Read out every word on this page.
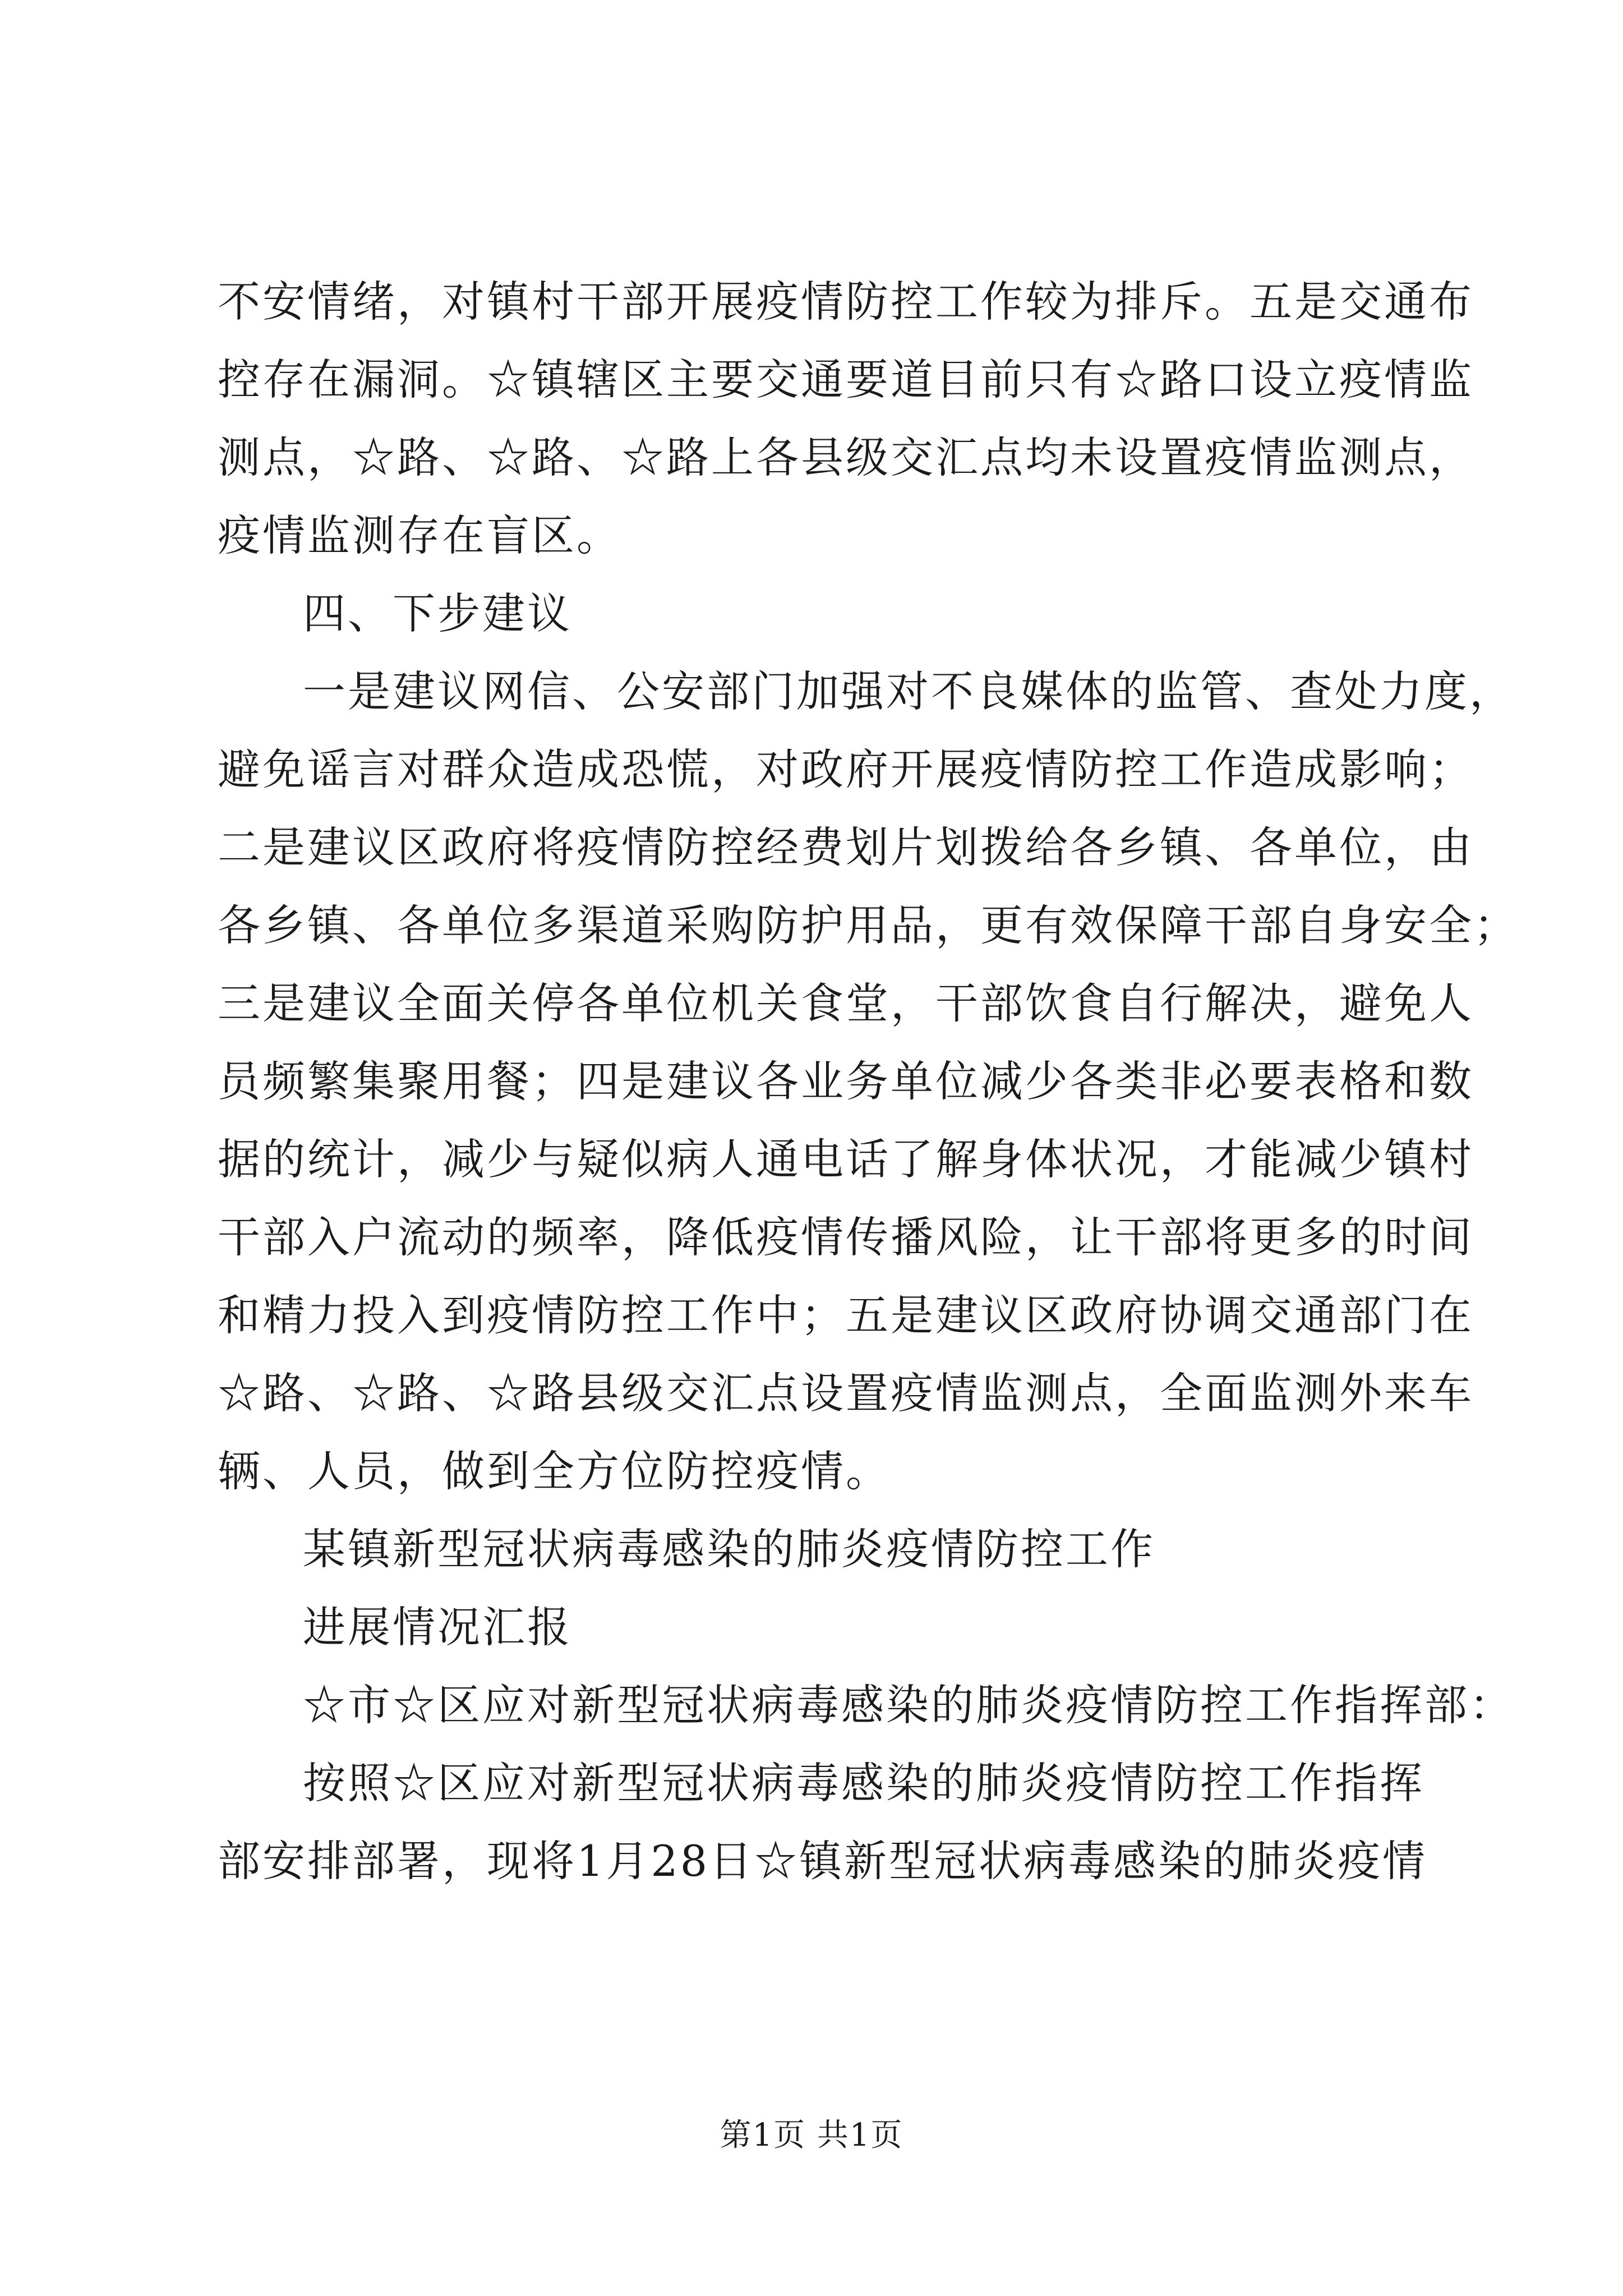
不安情绪，对镇村干部开展疫情防控工作较为排斥。五是交通布
控存在漏洞。☆镇辖区主要交通要道目前只有☆路口设立疫情监
测点，☆路、☆路、☆路上各县级交汇点均未设置疫情监测点，
疫情监测存在盲区。
四、下步建议
一是建议网信、公安部门加强对不良媒体的监管、查处力度，
避免谣言对群众造成恐慌，对政府开展疫情防控工作造成影响；
二是建议区政府将疫情防控经费划片划拨给各乡镇、各单位，由
各乡镇、各单位多渠道采购防护用品，更有效保障干部自身安全；
三是建议全面关停各单位机关食堂，干部饮食自行解决，避免人
员频繁集聚用餐；四是建议各业务单位减少各类非必要表格和数
据的统计，减少与疑似病人通电话了解身体状况，才能减少镇村
干部入户流动的频率，降低疫情传播风险，让干部将更多的时间
和精力投入到疫情防控工作中；五是建议区政府协调交通部门在
☆路、☆路、☆路县级交汇点设置疫情监测点，全面监测外来车
辆、人员，做到全方位防控疫情。
某镇新型冠状病毒感染的肺炎疫情防控工作
进展情况汇报
☆市☆区应对新型冠状病毒感染的肺炎疫情防控工作指挥部：
按照☆区应对新型冠状病毒感染的肺炎疫情防控工作指挥
部安排部署，现将1月28日☆镇新型冠状病毒感染的肺炎疫情
第1页 共1页
